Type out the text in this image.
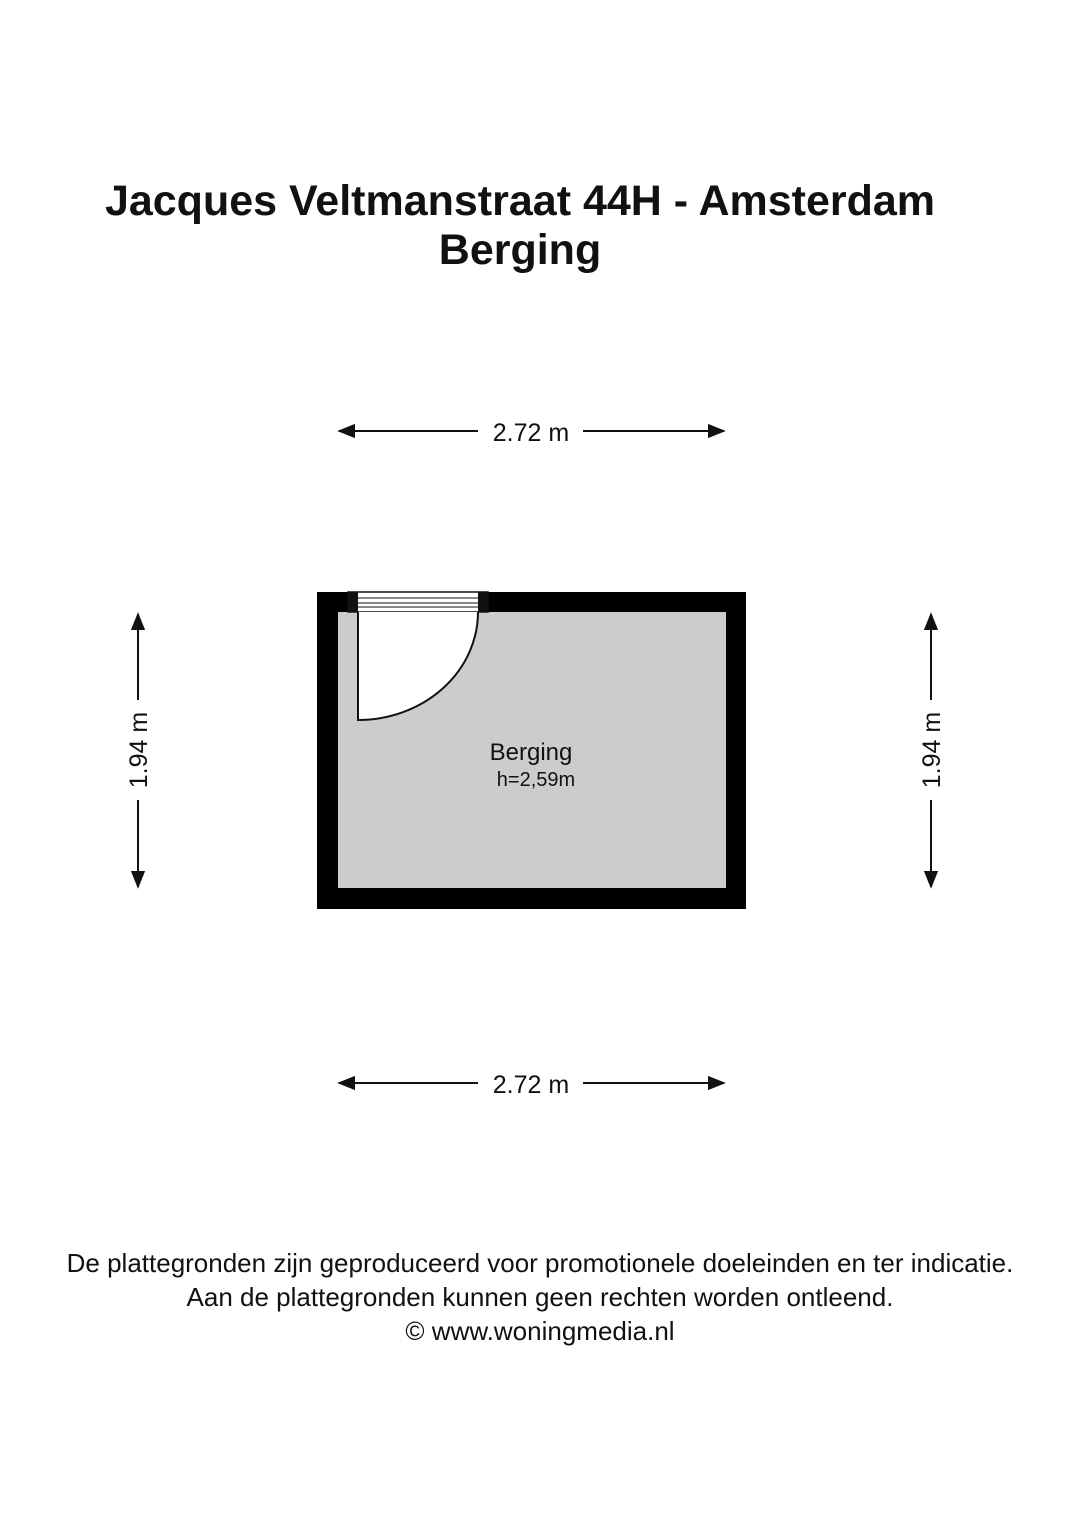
Jacques Veltmanstraat 44H - Amsterdam
Berging
2.72 m
2.72 m
1.94 m	1.94 m
Berging
h=2,59m
De plattegronden zijn geproduceerd voor promotionele doeleinden en ter indicatie.
Aan de plattegronden kunnen geen rechten worden ontleend.
© www.woningmedia.nl
